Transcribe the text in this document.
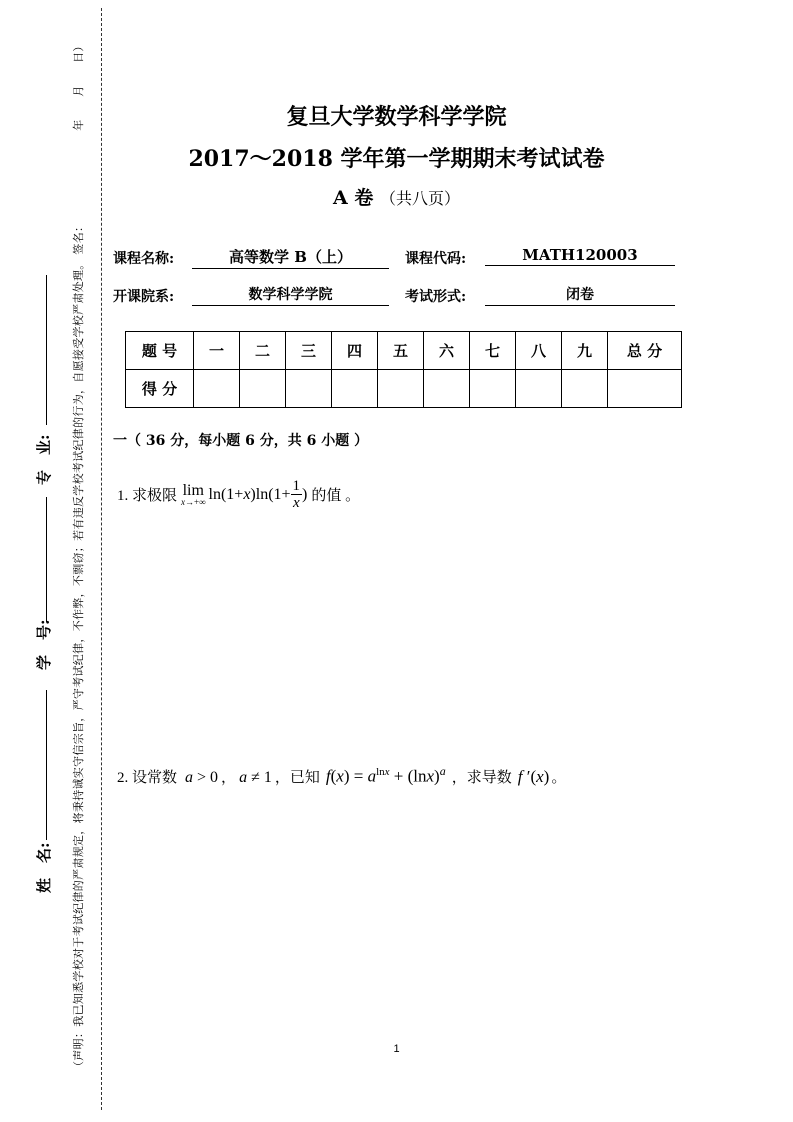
（声明：我已知悉学校对于考试纪律的严肃规定，将秉持诚实守信宗旨，严守考试纪律，不作弊，不剽窃；若有违反学校考试纪律的行为，自愿接受学校严肃处理。 签名：年　　月　　日）
姓　名:
学　号:
专　业:
复旦大学数学科学学院
2017～2018 学年第一学期期末考试试卷
A 卷 （共八页）
课程名称:	高等数学 B（上）	课程代码:	MATH120003
开课院系:	数学科学学院	考试形式:	闭卷
题 号	一	二	三	四	五	六	七	八	九	总 分
得 分										
一（ 36 分，每小题 6 分，共 6 小题 ）
1. 求极限 lim
x→+∞ $\ln(1+x)\ln(1+ \frac{1}{x}$ ) 的值 。
2. 设常数 a > 0 ， a ≠ 1 ，已知 $f(x) = a^{lnx} + (\ln x)^a$ ，求导数 f ′(x) 。
1
